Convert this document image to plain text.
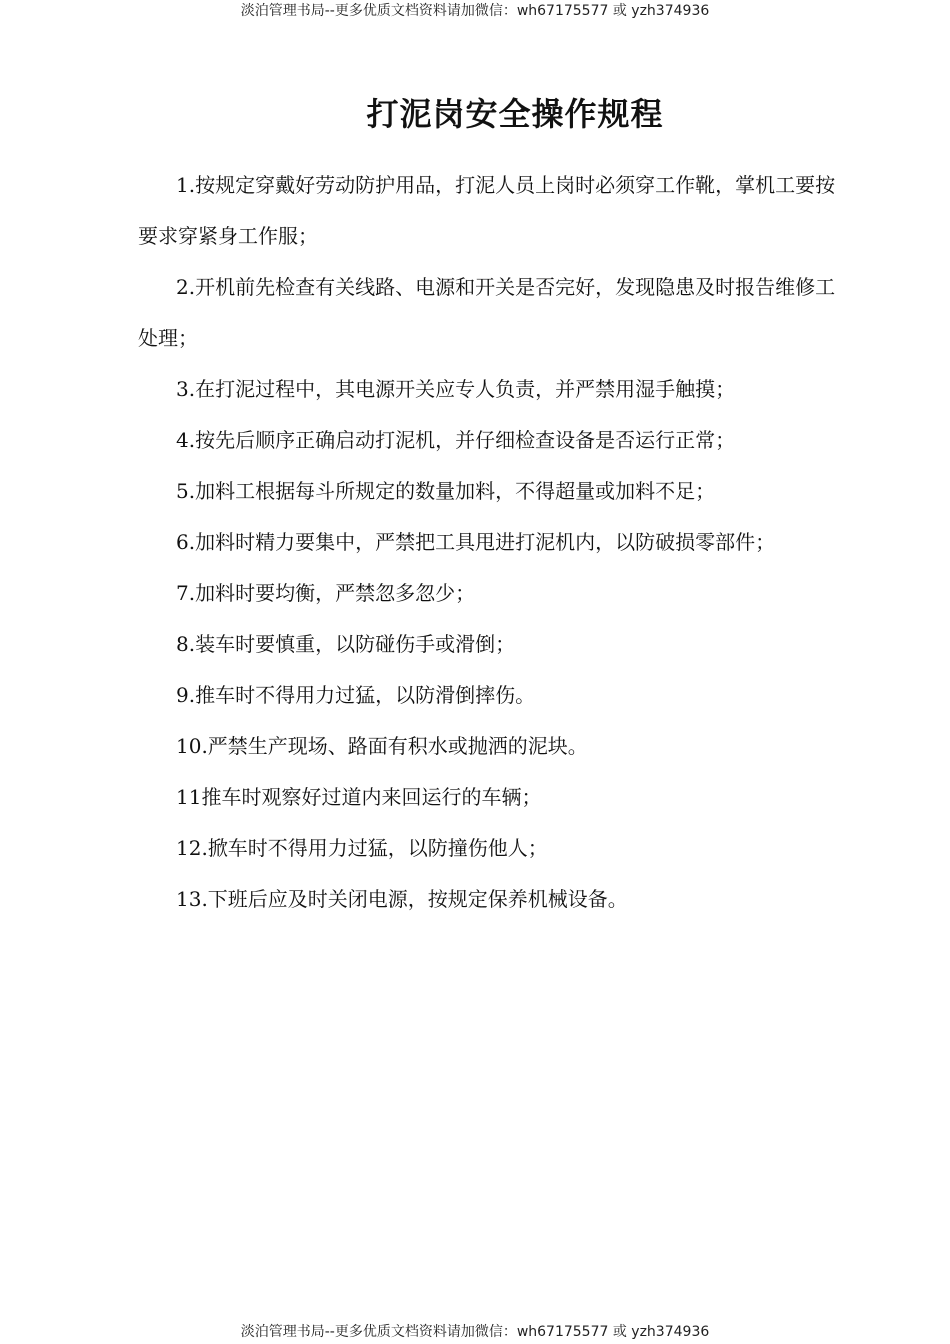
淡泊管理书局--更多优质文档资料请加微信：wh67175577 或 yzh374936
打泥岗安全操作规程
1.按规定穿戴好劳动防护用品，打泥人员上岗时必须穿工作靴，掌机工要按 要求穿紧身工作服；
2.开机前先检查有关线路、电源和开关是否完好，发现隐患及时报告维修工 处理；
3.在打泥过程中，其电源开关应专人负责，并严禁用湿手触摸；
4.按先后顺序正确启动打泥机，并仔细检查设备是否运行正常；
5.加料工根据每斗所规定的数量加料，不得超量或加料不足；
6.加料时精力要集中，严禁把工具甩进打泥机内，以防破损零部件；
7.加料时要均衡，严禁忽多忽少；
8.装车时要慎重，以防碰伤手或滑倒；
9.推车时不得用力过猛，以防滑倒摔伤。
10.严禁生产现场、路面有积水或抛洒的泥块。
11推车时观察好过道内来回运行的车辆；
12.掀车时不得用力过猛，以防撞伤他人；
13.下班后应及时关闭电源，按规定保养机械设备。
淡泊管理书局--更多优质文档资料请加微信：wh67175577 或 yzh374936
